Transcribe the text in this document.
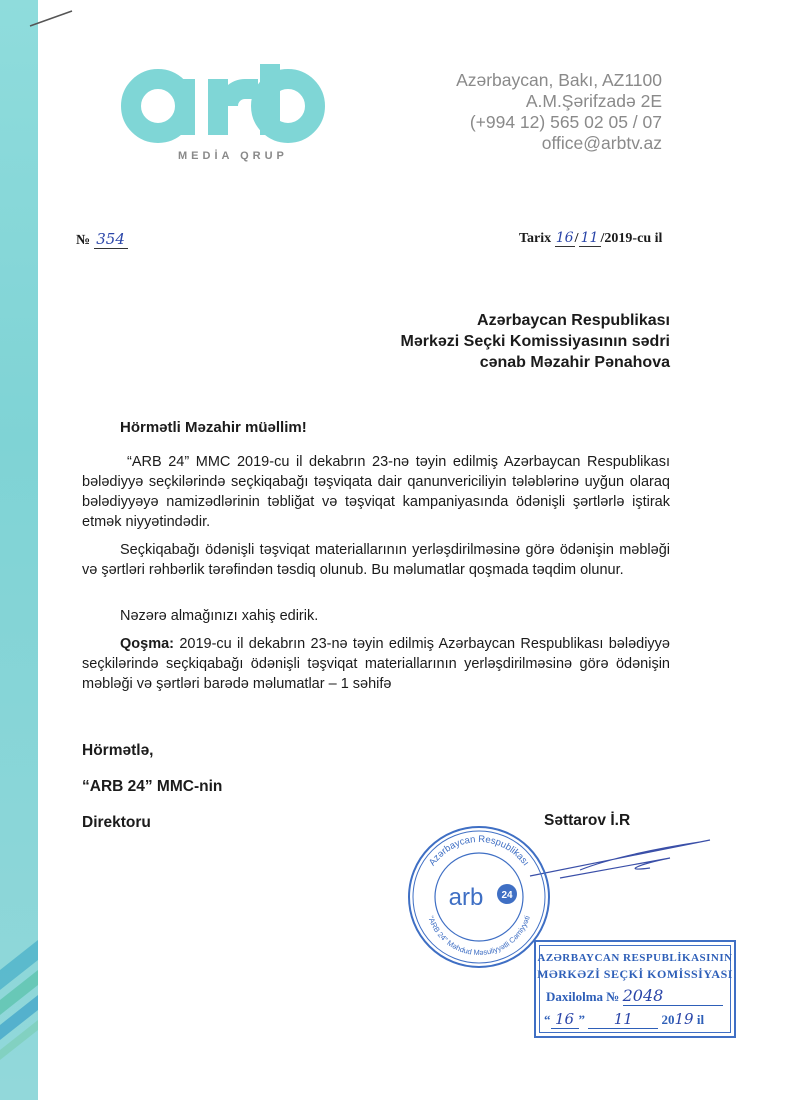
MEDİA QRUP
Azərbaycan, Bakı, AZ1100
A.M.Şərifzadə 2E
(+994 12) 565 02 05 / 07
office@arbtv.az
№ 354	Tarix 16/ 11 /2019-cu il
Azərbaycan Respublikası
Mərkəzi Seçki Komissiyasının sədri
cənab Məzahir Pənahova
Hörmətli Məzahir müəllim!
“ARB 24” MMC 2019-cu il dekabrın 23-nə təyin edilmiş Azərbaycan Respublikası bələdiyyə seçkilərində seçkiqabağı təşviqata dair qanunvericiliyin tələblərinə uyğun olaraq bələdiyyəyə namizədlərinin təbliğat və təşviqat kampaniyasında ödənişli şərtlərlə iştirak etmək niyyətindədir.
Seçkiqabağı ödənişli təşviqat materiallarının yerləşdirilməsinə görə ödənişin məbləği və şərtləri rəhbərlik tərəfindən təsdiq olunub. Bu məlumatlar qoşmada təqdim olunur.
Nəzərə almağınızı xahiş edirik.
Qoşma: 2019-cu il dekabrın 23-nə təyin edilmiş Azərbaycan Respublikası bələdiyyə seçkilərində seçkiqabağı ödənişli təşviqat materiallarının yerləşdirilməsinə görə ödənişin məbləği və şərtləri barədə məlumatlar – 1 səhifə
Hörmətlə,
“ARB 24” MMC-nin
Direktoru	Səttarov İ.R
Azərbaycan Respublikası
"ARB 24" Məhdud Məsuliyyətli Cəmiyyəti
arb 24
AZƏRBAYCAN RESPUBLİKASININ
MƏRKƏZİ SEÇKİ KOMİSSİYASI
Daxilolma № 2048
“ 16 ” 11 2019 il
